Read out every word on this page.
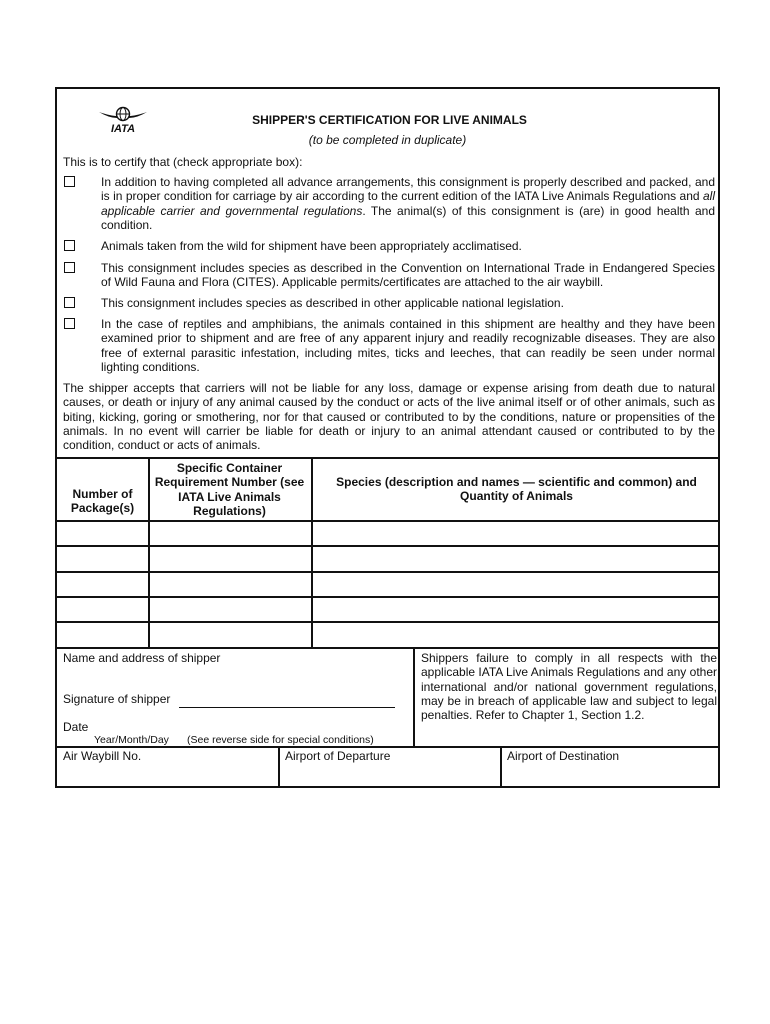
IATA
SHIPPER'S CERTIFICATION FOR LIVE ANIMALS
(to be completed in duplicate)
This is to certify that (check appropriate box):
In addition to having completed all advance arrangements, this consignment is properly described and packed, and is in proper condition for carriage by air according to the current edition of the IATA Live Animals Regulations and all applicable carrier and governmental regulations. The animal(s) of this consignment is (are) in good health and condition.
Animals taken from the wild for shipment have been appropriately acclimatised.
This consignment includes species as described in the Convention on International Trade in Endangered Species of Wild Fauna and Flora (CITES). Applicable permits/certificates are attached to the air waybill.
This consignment includes species as described in other applicable national legislation.
In the case of reptiles and amphibians, the animals contained in this shipment are healthy and they have been examined prior to shipment and are free of any apparent injury and readily recognizable diseases. They are also free of external parasitic infestation, including mites, ticks and leeches, that can readily be seen under normal lighting conditions.
The shipper accepts that carriers will not be liable for any loss, damage or expense arising from death due to natural causes, or death or injury of any animal caused by the conduct or acts of the live animal itself or of other animals, such as biting, kicking, goring or smothering, nor for that caused or contributed to by the conditions, nature or propensities of the animals. In no event will carrier be liable for death or injury to an animal attendant caused or contributed to by the condition, conduct or acts of animals.
Number of Package(s)
Specific Container Requirement Number (see IATA Live Animals Regulations)
Species (description and names — scientific and common) and Quantity of Animals
Name and address of shipper
Signature of shipper
Date
Year/Month/Day (See reverse side for special conditions)
Shippers failure to comply in all respects with the applicable IATA Live Animals Regulations and any other international and/or national government regulations, may be in breach of applicable law and subject to legal penalties. Refer to Chapter 1, Section 1.2.
Air Waybill No.	Airport of Departure	Airport of Destination
